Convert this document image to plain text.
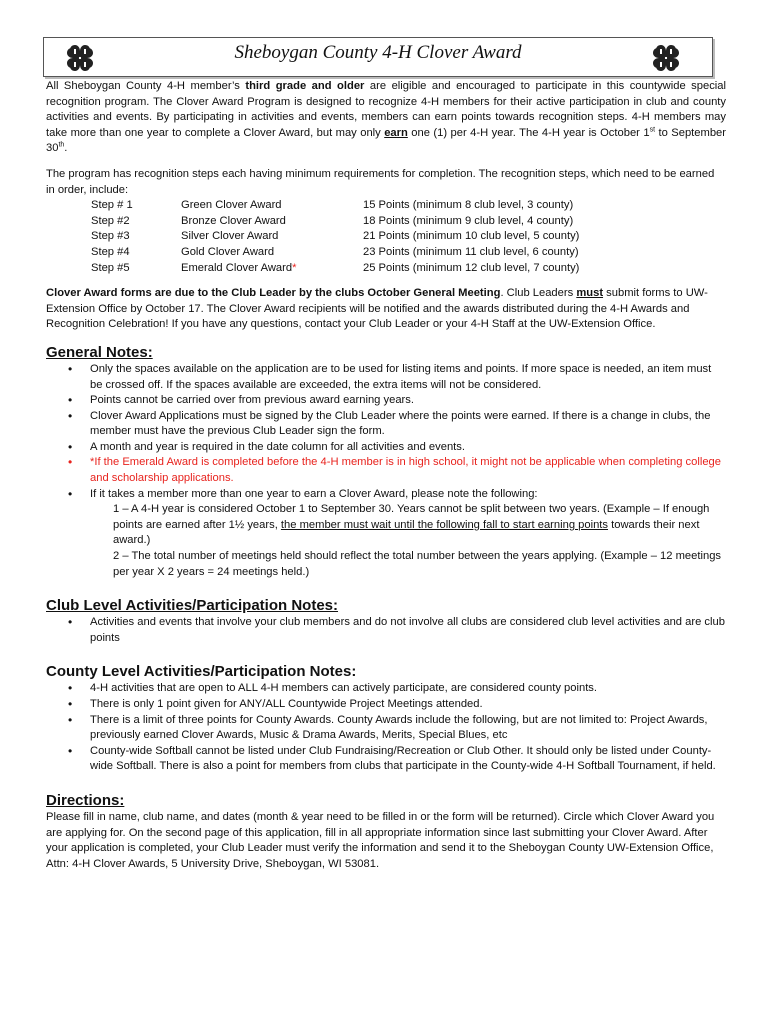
Sheboygan County 4-H Clover Award

All Sheboygan County 4-H member’s third grade and older are eligible and encouraged to participate in this countywide special recognition program. The Clover Award Program is designed to recognize 4-H members for their active participation in club and county activities and events. By participating in activities and events, members can earn points towards recognition steps. 4-H members may take more than one year to complete a Clover Award, but may only earn one (1) per 4-H year. The 4-H year is October 1st to September 30th.

The program has recognition steps each having minimum requirements for completion. The recognition steps, which need to be earned in order, include:

Step # 1	Green Clover Award	15 Points (minimum 8 club level, 3 county)
Step #2	Bronze Clover Award	18 Points (minimum 9 club level, 4 county)
Step #3	Silver Clover Award	21 Points (minimum 10 club level, 5 county)
Step #4	Gold Clover Award	23 Points (minimum 11 club level, 6 county)
Step #5	Emerald Clover Award*	25 Points (minimum 12 club level, 7 county)

Clover Award forms are due to the Club Leader by the clubs October General Meeting. Club Leaders must submit forms to UW-Extension Office by October 17. The Clover Award recipients will be notified and the awards distributed during the 4-H Awards and Recognition Celebration! If you have any questions, contact your Club Leader or your 4-H Staff at the UW-Extension Office.

General Notes:
• Only the spaces available on the application are to be used for listing items and points. If more space is needed, an item must be crossed off. If the spaces available are exceeded, the extra items will not be considered.
• Points cannot be carried over from previous award earning years.
• Clover Award Applications must be signed by the Club Leader where the points were earned. If there is a change in clubs, the member must have the previous Club Leader sign the form.
• A month and year is required in the date column for all activities and events.
• *If the Emerald Award is completed before the 4-H member is in high school, it might not be applicable when completing college and scholarship applications.
• If it takes a member more than one year to earn a Clover Award, please note the following:
1 – A 4-H year is considered October 1 to September 30. Years cannot be split between two years. (Example – If enough points are earned after 1½ years, the member must wait until the following fall to start earning points towards their next award.)
2 – The total number of meetings held should reflect the total number between the years applying. (Example – 12 meetings per year X 2 years = 24 meetings held.)
Club Level Activities/Participation Notes:
• Activities and events that involve your club members and do not involve all clubs are considered club level activities and are club points
County Level Activities/Participation Notes:
• 4-H activities that are open to ALL 4-H members can actively participate, are considered county points.
• There is only 1 point given for ANY/ALL Countywide Project Meetings attended.
• There is a limit of three points for County Awards. County Awards include the following, but are not limited to: Project Awards, previously earned Clover Awards, Music & Drama Awards, Merits, Special Blues, etc
• County-wide Softball cannot be listed under Club Fundraising/Recreation or Club Other. It should only be listed under County-wide Softball. There is also a point for members from clubs that participate in the County-wide 4-H Softball Tournament, if held.
Directions:

Please fill in name, club name, and dates (month & year need to be filled in or the form will be returned). Circle which Clover Award you are applying for. On the second page of this application, fill in all appropriate information since last submitting your Clover Award. After your application is completed, your Club Leader must verify the information and send it to the Sheboygan County UW-Extension Office, Attn: 4-H Clover Awards, 5 University Drive, Sheboygan, WI 53081.
